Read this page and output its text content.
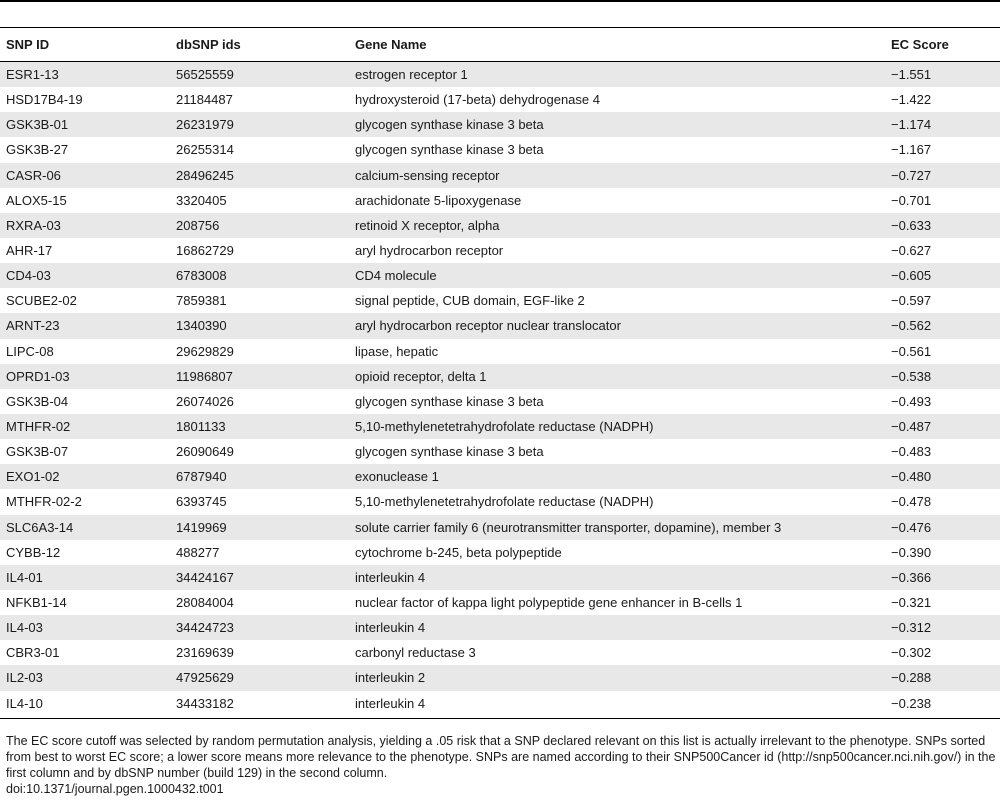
SNP ID	dbSNP ids	Gene Name	EC Score
ESR1-13	56525559	estrogen receptor 1	−1.551
HSD17B4-19	21184487	hydroxysteroid (17-beta) dehydrogenase 4	−1.422
GSK3B-01	26231979	glycogen synthase kinase 3 beta	−1.174
GSK3B-27	26255314	glycogen synthase kinase 3 beta	−1.167
CASR-06	28496245	calcium-sensing receptor	−0.727
ALOX5-15	3320405	arachidonate 5-lipoxygenase	−0.701
RXRA-03	208756	retinoid X receptor, alpha	−0.633
AHR-17	16862729	aryl hydrocarbon receptor	−0.627
CD4-03	6783008	CD4 molecule	−0.605
SCUBE2-02	7859381	signal peptide, CUB domain, EGF-like 2	−0.597
ARNT-23	1340390	aryl hydrocarbon receptor nuclear translocator	−0.562
LIPC-08	29629829	lipase, hepatic	−0.561
OPRD1-03	11986807	opioid receptor, delta 1	−0.538
GSK3B-04	26074026	glycogen synthase kinase 3 beta	−0.493
MTHFR-02	1801133	5,10-methylenetetrahydrofolate reductase (NADPH)	−0.487
GSK3B-07	26090649	glycogen synthase kinase 3 beta	−0.483
EXO1-02	6787940	exonuclease 1	−0.480
MTHFR-02-2	6393745	5,10-methylenetetrahydrofolate reductase (NADPH)	−0.478
SLC6A3-14	1419969	solute carrier family 6 (neurotransmitter transporter, dopamine), member 3	−0.476
CYBB-12	488277	cytochrome b-245, beta polypeptide	−0.390
IL4-01	34424167	interleukin 4	−0.366
NFKB1-14	28084004	nuclear factor of kappa light polypeptide gene enhancer in B-cells 1	−0.321
IL4-03	34424723	interleukin 4	−0.312
CBR3-01	23169639	carbonyl reductase 3	−0.302
IL2-03	47925629	interleukin 2	−0.288
IL4-10	34433182	interleukin 4	−0.238

The EC score cutoff was selected by random permutation analysis, yielding a .05 risk that a SNP declared relevant on this list is actually irrelevant to the phenotype. SNPs sorted from best to worst EC score; a lower score means more relevance to the phenotype. SNPs are named according to their SNP500Cancer id (http://snp500cancer.nci.nih.gov/) in the first column and by dbSNP number (build 129) in the second column.

doi:10.1371/journal.pgen.1000432.t001
